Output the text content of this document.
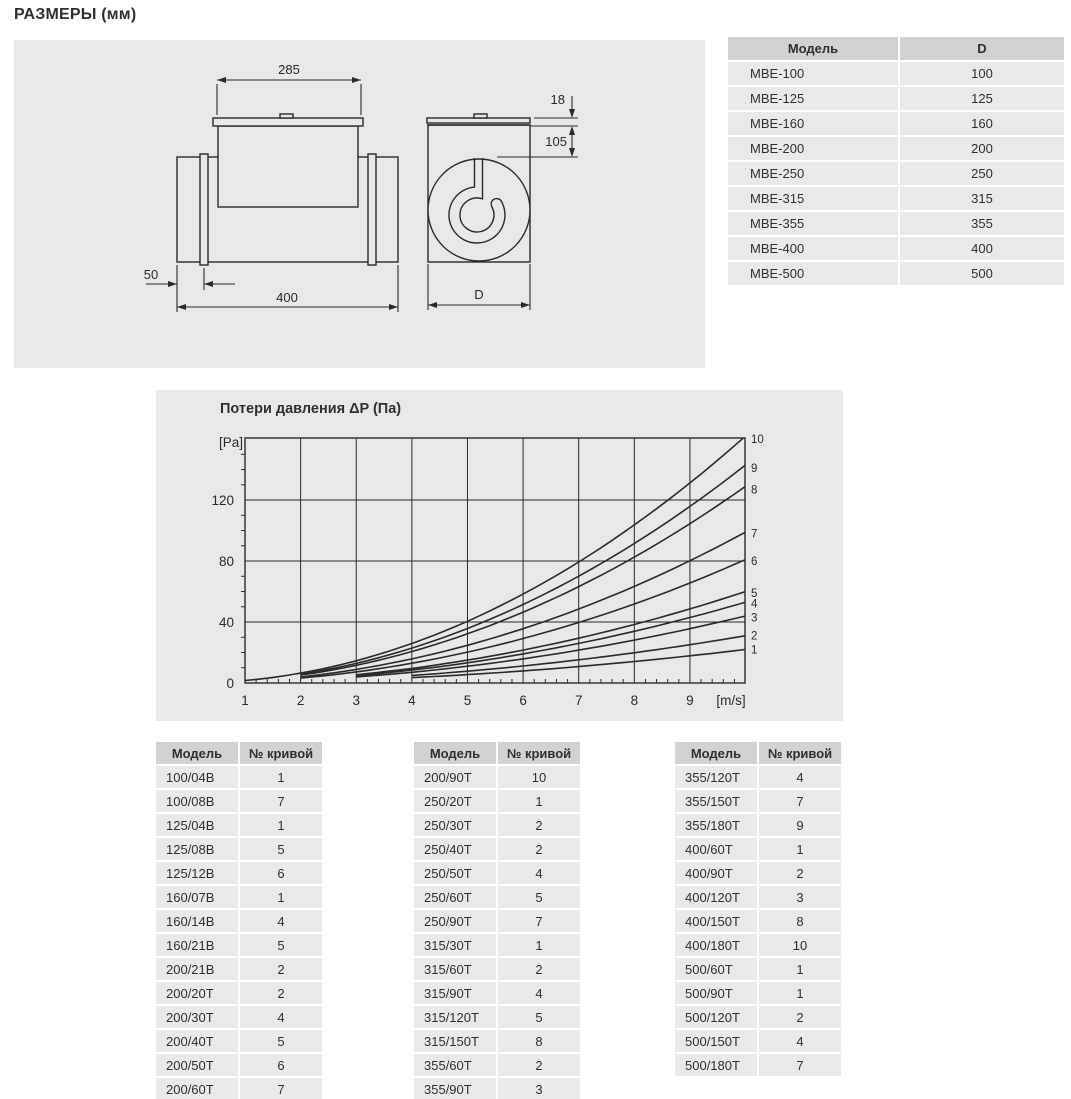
РАЗМЕРЫ (мм)
285
50
400
18
105
D
Модель	D
MBE-100	100
MBE-125	125
MBE-160	160
MBE-200	200
MBE-250	250
MBE-315	315
MBE-355	355
MBE-400	400
MBE-500	500
Потери давления ΔP (Па)
1
2
3
4
5
6
7
8
9
10
1	2	3	4	5	6	7	8	9 [m/s]
0
40
80
120
[Pa]
Модель	№ кривой
100/04B	1
100/08B	7
125/04B	1
125/08B	5
125/12B	6
160/07B	1
160/14B	4
160/21B	5
200/21B	2
200/20T	2
200/30T	4
200/40T	5
200/50T	6
200/60T	7
Модель	№ кривой
200/90T	10
250/20T	1
250/30T	2
250/40T	2
250/50T	4
250/60T	5
250/90T	7
315/30T	1
315/60T	2
315/90T	4
315/120T	5
315/150T	8
355/60T	2
355/90T	3
Модель	№ кривой
355/120T	4
355/150T	7
355/180T	9
400/60T	1
400/90T	2
400/120T	3
400/150T	8
400/180T	10
500/60T	1
500/90T	1
500/120T	2
500/150T	4
500/180T	7
